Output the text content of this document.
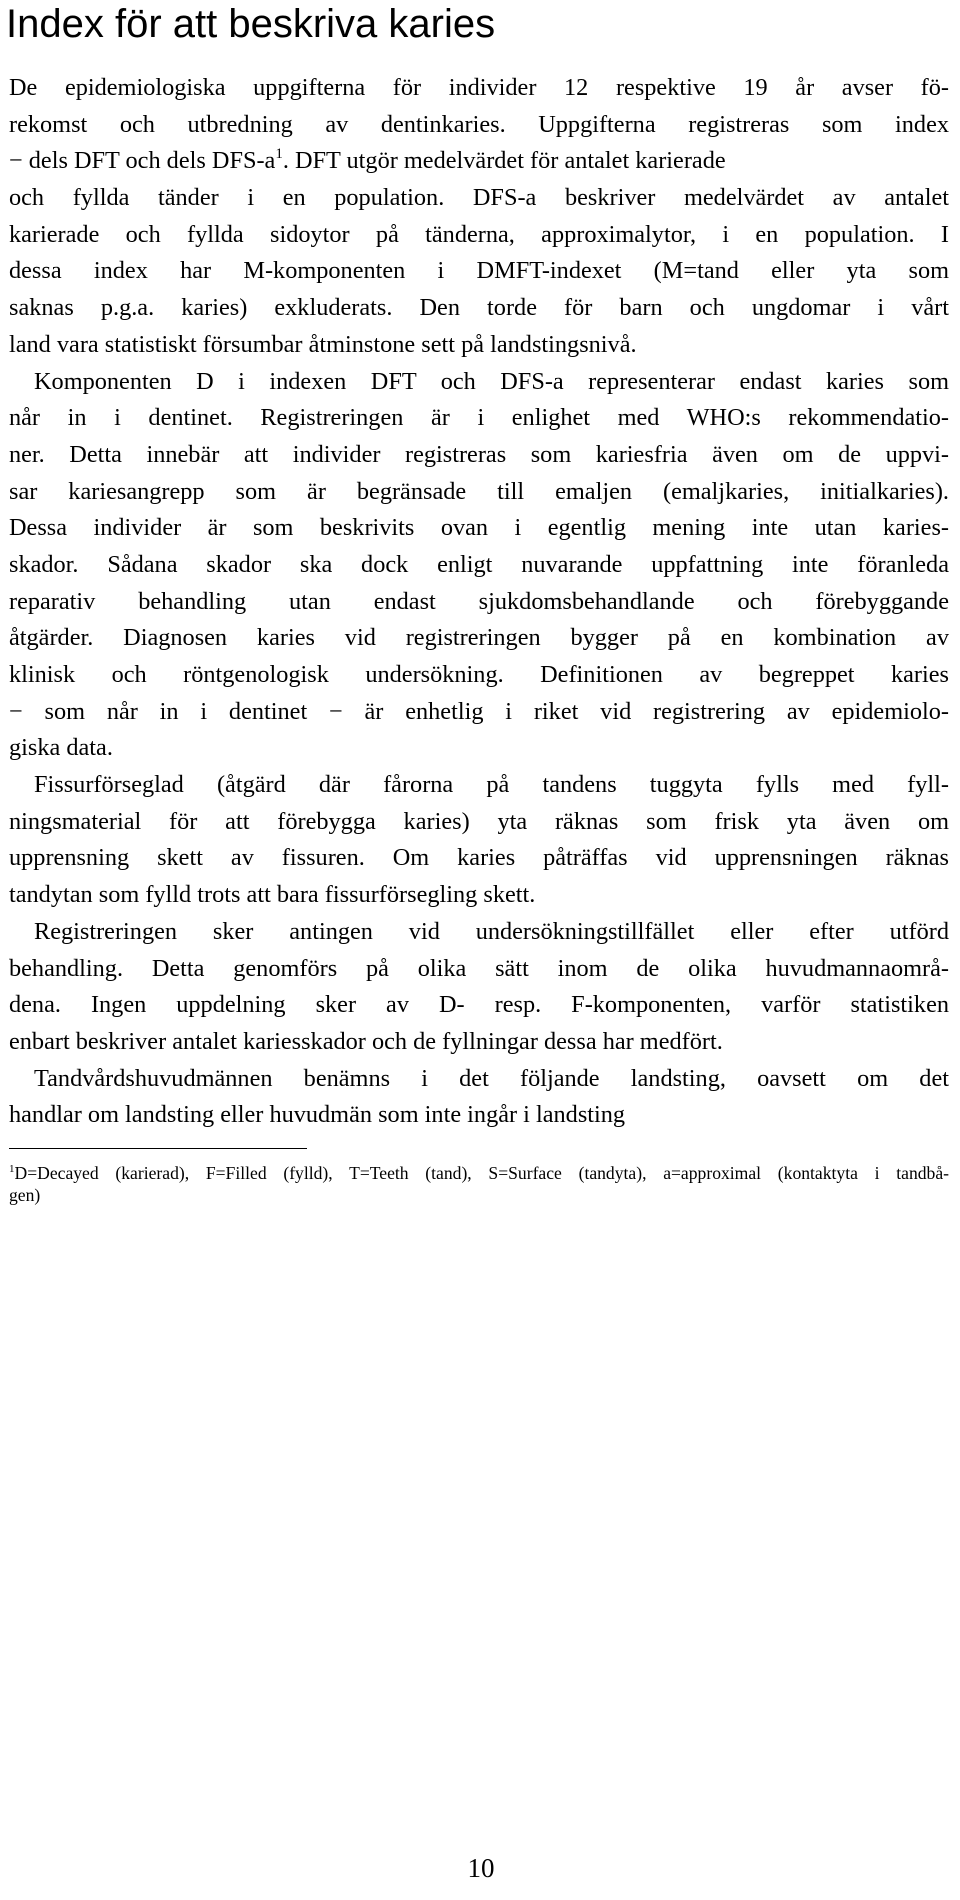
Index för att beskriva karies
De epidemiologiska uppgifterna för individer 12 respektive 19 år avser fö-
rekomst och utbredning av dentinkaries. Uppgifterna registreras som index
− dels DFT och dels DFS-$a^1$. DFT utgör medelvärdet för antalet karierade
och fyllda tänder i en population. DFS-a beskriver medelvärdet av antalet
karierade och fyllda sidoytor på tänderna, approximalytor, i en population. I
dessa index har M-komponenten i DMFT-indexet (M=tand eller yta som
saknas p.g.a. karies) exkluderats. Den torde för barn och ungdomar i vårt
land vara statistiskt försumbar åtminstone sett på landstingsnivå.
Komponenten D i indexen DFT och DFS-a representerar endast karies som
når in i dentinet. Registreringen är i enlighet med WHO:s rekommendatio-
ner. Detta innebär att individer registreras som kariesfria även om de uppvi-
sar kariesangrepp som är begränsade till emaljen (emaljkaries, initialkaries).
Dessa individer är som beskrivits ovan i egentlig mening inte utan karies-
skador. Sådana skador ska dock enligt nuvarande uppfattning inte föranleda
reparativ behandling utan endast sjukdomsbehandlande och förebyggande
åtgärder. Diagnosen karies vid registreringen bygger på en kombination av
klinisk och röntgenologisk undersökning. Definitionen av begreppet karies
− som når in i dentinet − är enhetlig i riket vid registrering av epidemiolo-
giska data.
Fissurförseglad (åtgärd där fårorna på tandens tuggyta fylls med fyll-
ningsmaterial för att förebygga karies) yta räknas som frisk yta även om
upprensning skett av fissuren. Om karies påträffas vid upprensningen räknas
tandytan som fylld trots att bara fissurförsegling skett.
Registreringen sker antingen vid undersökningstillfället eller efter utförd
behandling. Detta genomförs på olika sätt inom de olika huvudmannaområ-
dena. Ingen uppdelning sker av D- resp. F-komponenten, varför statistiken
enbart beskriver antalet kariesskador och de fyllningar dessa har medfört.
Tandvårdshuvudmännen benämns i det följande landsting, oavsett om det
handlar om landsting eller huvudmän som inte ingår i landsting
$^1$D=Decayed (karierad), F=Filled (fylld), T=Teeth (tand), S=Surface (tandyta), a=approximal (kontaktyta i tandbå-
gen)
10
